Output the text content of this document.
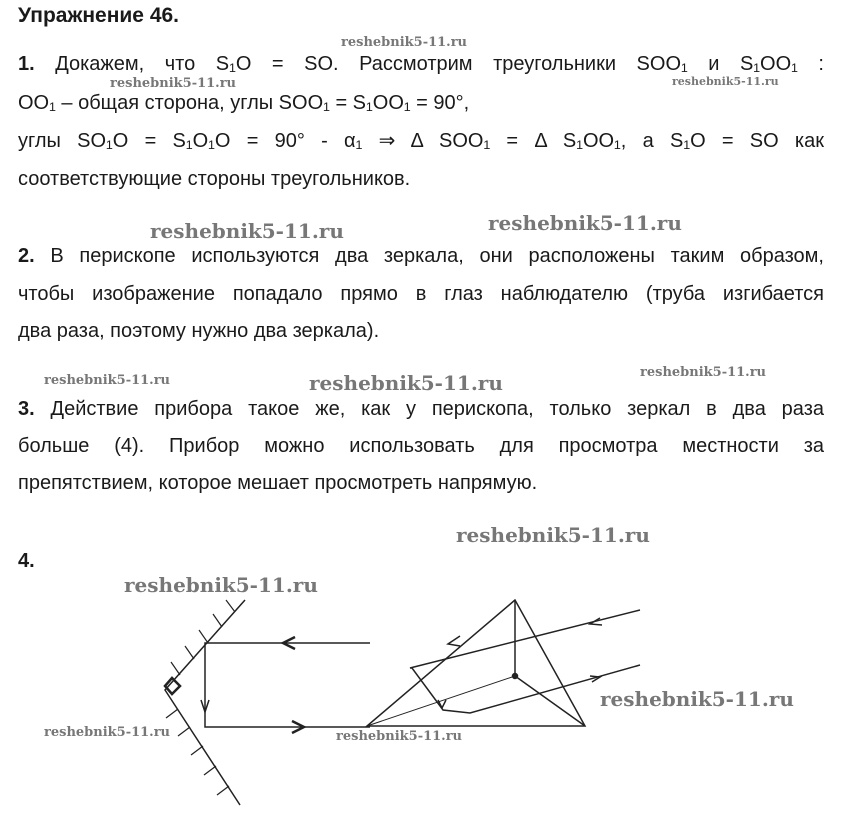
Упражнение 46.
1. Докажем, что S₁O = SO. Рассмотрим треугольники SOO₁ и S₁OO₁ :
OO₁ – общая сторона, углы SOO₁ = S₁OO₁ = 90°,
углы SO₁O = S₁O₁O = 90° - α₁ ⇒ Δ SOO₁ = Δ S₁OO₁, а S₁O = SO как
соответствующие стороны треугольников.
2. В перископе используются два зеркала, они расположены таким образом,
чтобы изображение попадало прямо в глаз наблюдателю (труба изгибается
два раза, поэтому нужно два зеркала).
3. Действие прибора такое же, как у перископа, только зеркал в два раза
больше (4). Прибор можно использовать для просмотра местности за
препятствием, которое мешает просмотреть напрямую.
4.
reshebnik5-11.ru
reshebnik5-11.ru	reshebnik5-11.ru
reshebnik5-11.ru	reshebnik5-11.ru
reshebnik5-11.ru	reshebnik5-11.ru	reshebnik5-11.ru
reshebnik5-11.ru
reshebnik5-11.ru
reshebnik5-11.ru
reshebnik5-11.ru	reshebnik5-11.ru
